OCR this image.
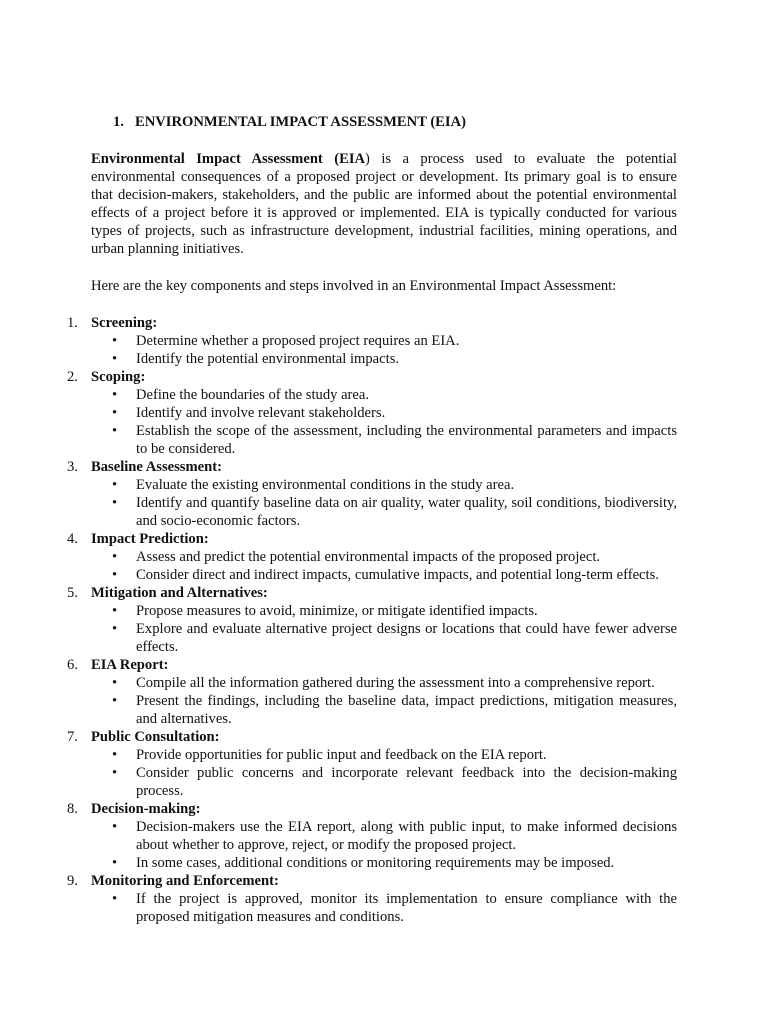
1. ENVIRONMENTAL IMPACT ASSESSMENT (EIA)

Environmental Impact Assessment (EIA) is a process used to evaluate the potential environmental consequences of a proposed project or development. Its primary goal is to ensure that decision-makers, stakeholders, and the public are informed about the potential environmental effects of a project before it is approved or implemented. EIA is typically conducted for various types of projects, such as infrastructure development, industrial facilities, mining operations, and urban planning initiatives.

Here are the key components and steps involved in an Environmental Impact Assessment:

1. Screening:
• Determine whether a proposed project requires an EIA.
• Identify the potential environmental impacts.
2. Scoping:
• Define the boundaries of the study area.
• Identify and involve relevant stakeholders.
• Establish the scope of the assessment, including the environmental parameters and impacts to be considered.
3. Baseline Assessment:
• Evaluate the existing environmental conditions in the study area.
• Identify and quantify baseline data on air quality, water quality, soil conditions, biodiversity, and socio-economic factors.
4. Impact Prediction:
• Assess and predict the potential environmental impacts of the proposed project.
• Consider direct and indirect impacts, cumulative impacts, and potential long-term effects.
5. Mitigation and Alternatives:
• Propose measures to avoid, minimize, or mitigate identified impacts.
• Explore and evaluate alternative project designs or locations that could have fewer adverse effects.
6. EIA Report:
• Compile all the information gathered during the assessment into a comprehensive report.
• Present the findings, including the baseline data, impact predictions, mitigation measures, and alternatives.
7. Public Consultation:
• Provide opportunities for public input and feedback on the EIA report.
• Consider public concerns and incorporate relevant feedback into the decision-making process.
8. Decision-making:
• Decision-makers use the EIA report, along with public input, to make informed decisions about whether to approve, reject, or modify the proposed project.
• In some cases, additional conditions or monitoring requirements may be imposed.
9. Monitoring and Enforcement:
• If the project is approved, monitor its implementation to ensure compliance with the proposed mitigation measures and conditions.
